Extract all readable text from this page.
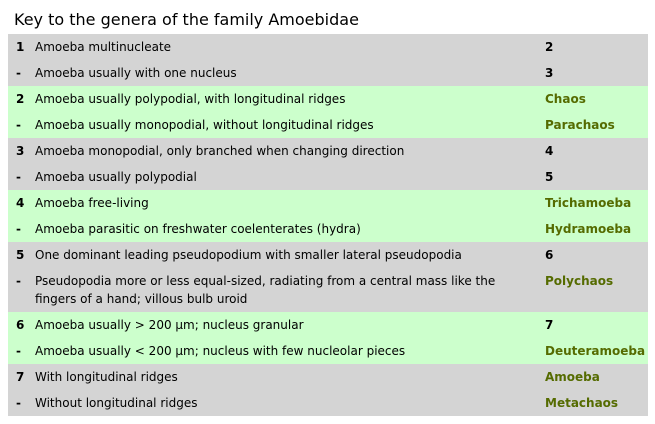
Key to the genera of the family Amoebidae
1	Amoeba multinucleate	2

-	Amoeba usually with one nucleus	3

2	Amoeba usually polypodial, with longitudinal ridges	Chaos

-	Amoeba usually monopodial, without longitudinal ridges	Parachaos

3	Amoeba monopodial, only branched when changing direction	4

-	Amoeba usually polypodial	5

4	Amoeba free-living	Trichamoeba

-	Amoeba parasitic on freshwater coelenterates (hydra)	Hydramoeba

5	One dominant leading pseudopodium with smaller lateral pseudopodia	6

-	Pseudopodia more or less equal-sized, radiating from a central mass like the fingers of a hand; villous bulb uroid	Polychaos

6	Amoeba usually > 200 µm; nucleus granular	7

-	Amoeba usually < 200 µm; nucleus with few nucleolar pieces	Deuteramoeba

7	With longitudinal ridges	Amoeba

-	Without longitudinal ridges	Metachaos
